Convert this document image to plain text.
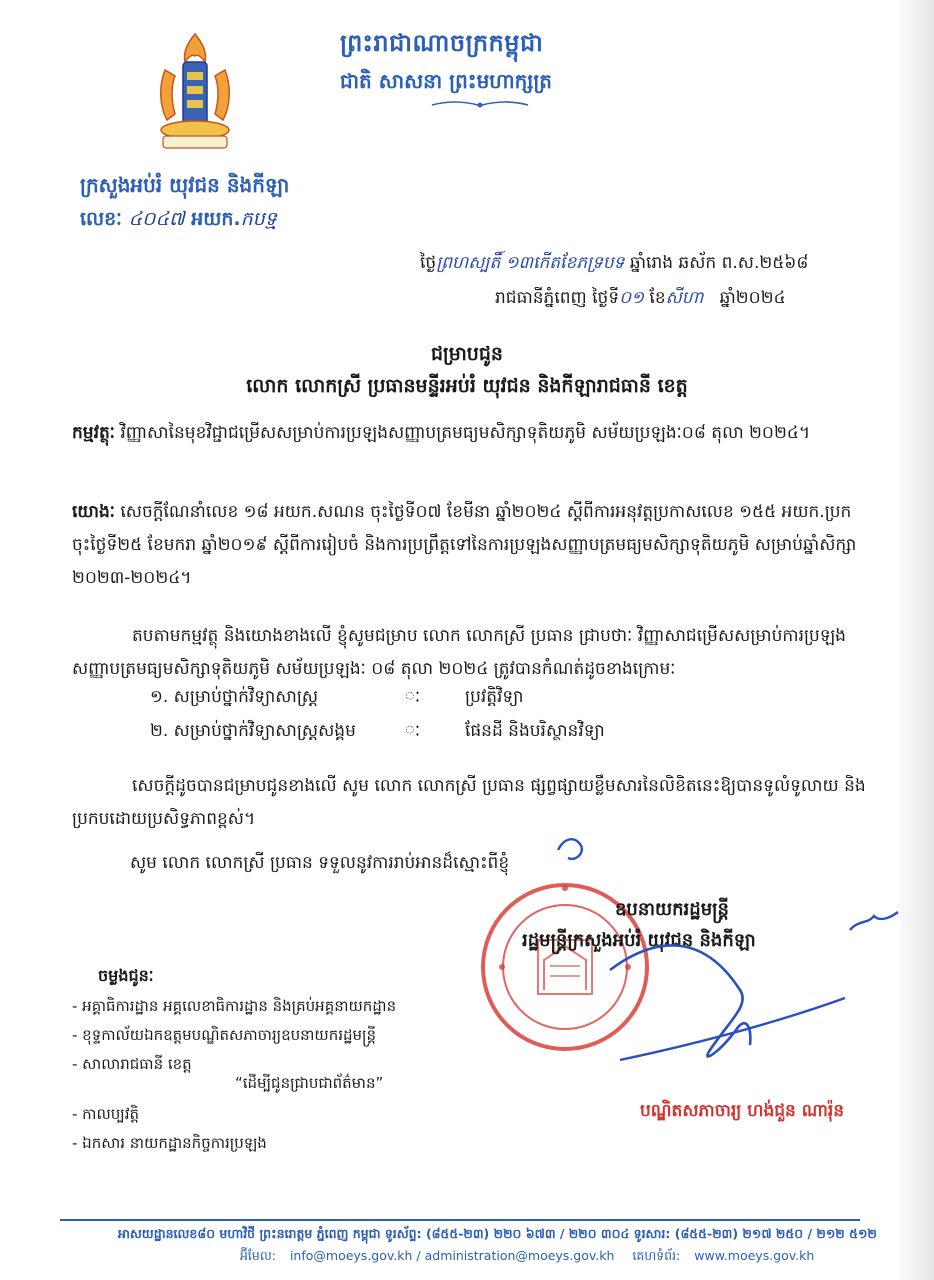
ព្រះរាជាណាចក្រកម្ពុជា
ជាតិ សាសនា ព្រះមហាក្សត្រ
ក្រសួងអប់រំ យុវជន និងកីឡា
លេខៈ ៤០៤៧ អយក.កបទ្ម
ថ្ងៃព្រហស្បតិ៍ ១៣កើតខែភទ្របទ ឆ្នាំរោង ឆស័ក ព.ស.២៥៦៨
រាជធានីភ្នំពេញ ថ្ងៃទី០១ ខែសីហា ឆ្នាំ២០២៤
ជម្រាបជូន
លោក លោកស្រី ប្រធានមន្ទីរអប់រំ យុវជន និងកីឡារាជធានី ខេត្ត
កម្មវត្ថុៈ វិញ្ញាសានៃមុខវិជ្ជាជម្រើសសម្រាប់ការប្រឡងសញ្ញាបត្រមធ្យមសិក្សាទុតិយភូមិ សម័យប្រឡងៈ០៨ តុលា ២០២៤។
យោងៈ សេចក្ដីណែនាំលេខ ១៨ អយក.សណន ចុះថ្ងៃទី០៧ ខែមីនា ឆ្នាំ២០២៤ ស្ដីពីការអនុវត្តប្រកាសលេខ ១៥៥ អយក.ប្រក ចុះថ្ងៃទី២៥ ខែមករា ឆ្នាំ២០១៩ ស្ដីពីការរៀបចំ និងការប្រព្រឹត្តទៅនៃការប្រឡងសញ្ញាបត្រមធ្យមសិក្សាទុតិយភូមិ សម្រាប់ឆ្នាំសិក្សា ២០២៣-២០២៤។
តបតាមកម្មវត្ថុ និងយោងខាងលើ ខ្ញុំសូមជម្រាប លោក លោកស្រី ប្រធាន ជ្រាបថាៈ វិញ្ញាសាជម្រើសសម្រាប់ការប្រឡងសញ្ញាបត្រមធ្យមសិក្សាទុតិយភូមិ សម័យប្រឡងៈ ០៨ តុលា ២០២៤ ត្រូវបានកំណត់ដូចខាងក្រោមៈ
១. សម្រាប់ថ្នាក់វិទ្យាសាស្ត្រ	ៈ	ប្រវត្តិវិទ្យា
២. សម្រាប់ថ្នាក់វិទ្យាសាស្ត្រសង្គម	ៈ	ផែនដី និងបរិស្ថានវិទ្យា
សេចក្ដីដូចបានជម្រាបជូនខាងលើ សូម លោក លោកស្រី ប្រធាន ផ្សព្វផ្សាយខ្លឹមសារនៃលិខិតនេះឱ្យបានទូលំទូលាយ និងប្រកបដោយប្រសិទ្ធភាពខ្ពស់។
សូម លោក លោកស្រី ប្រធាន ទទួលនូវការរាប់អានដ៏ស្មោះពីខ្ញុំ
ឧបនាយករដ្ឋមន្ត្រី
រដ្ឋមន្ត្រីក្រសួងអប់រំ យុវជន និងកីឡា
បណ្ឌិតសភាចារ្យ ហង់ជួន ណារ៉ុន
ចម្លងជូនៈ
- អគ្គាធិការដ្ឋាន អគ្គលេខាធិការដ្ឋាន និងគ្រប់អគ្គនាយកដ្ឋាន
- ខុទ្ទកាល័យឯកឧត្តមបណ្ឌិតសភាចារ្យឧបនាយករដ្ឋមន្ត្រី
- សាលារាជធានី ខេត្ត
“ដើម្បីជូនជ្រាបជាព័ត៌មាន”
- កាលប្បវត្តិ
- ឯកសារ នាយកដ្ឋានកិច្ចការប្រឡង
អាសយដ្ឋានលេខ៨០ មហាវិថី ព្រះនរោត្តម ភ្នំពេញ កម្ពុជា ទូរស័ព្ទ: (៨៥៥-២៣) ២២០ ៦៧៣ / ២២០ ៣០៤ ទូរសារ: (៨៥៥-២៣) ២១៧ ២៥០ / ២១២ ៥១២
អ៊ីមែល: info@moeys.gov.kh / administration@moeys.gov.kh គេហទំព័រ: www.moeys.gov.kh
